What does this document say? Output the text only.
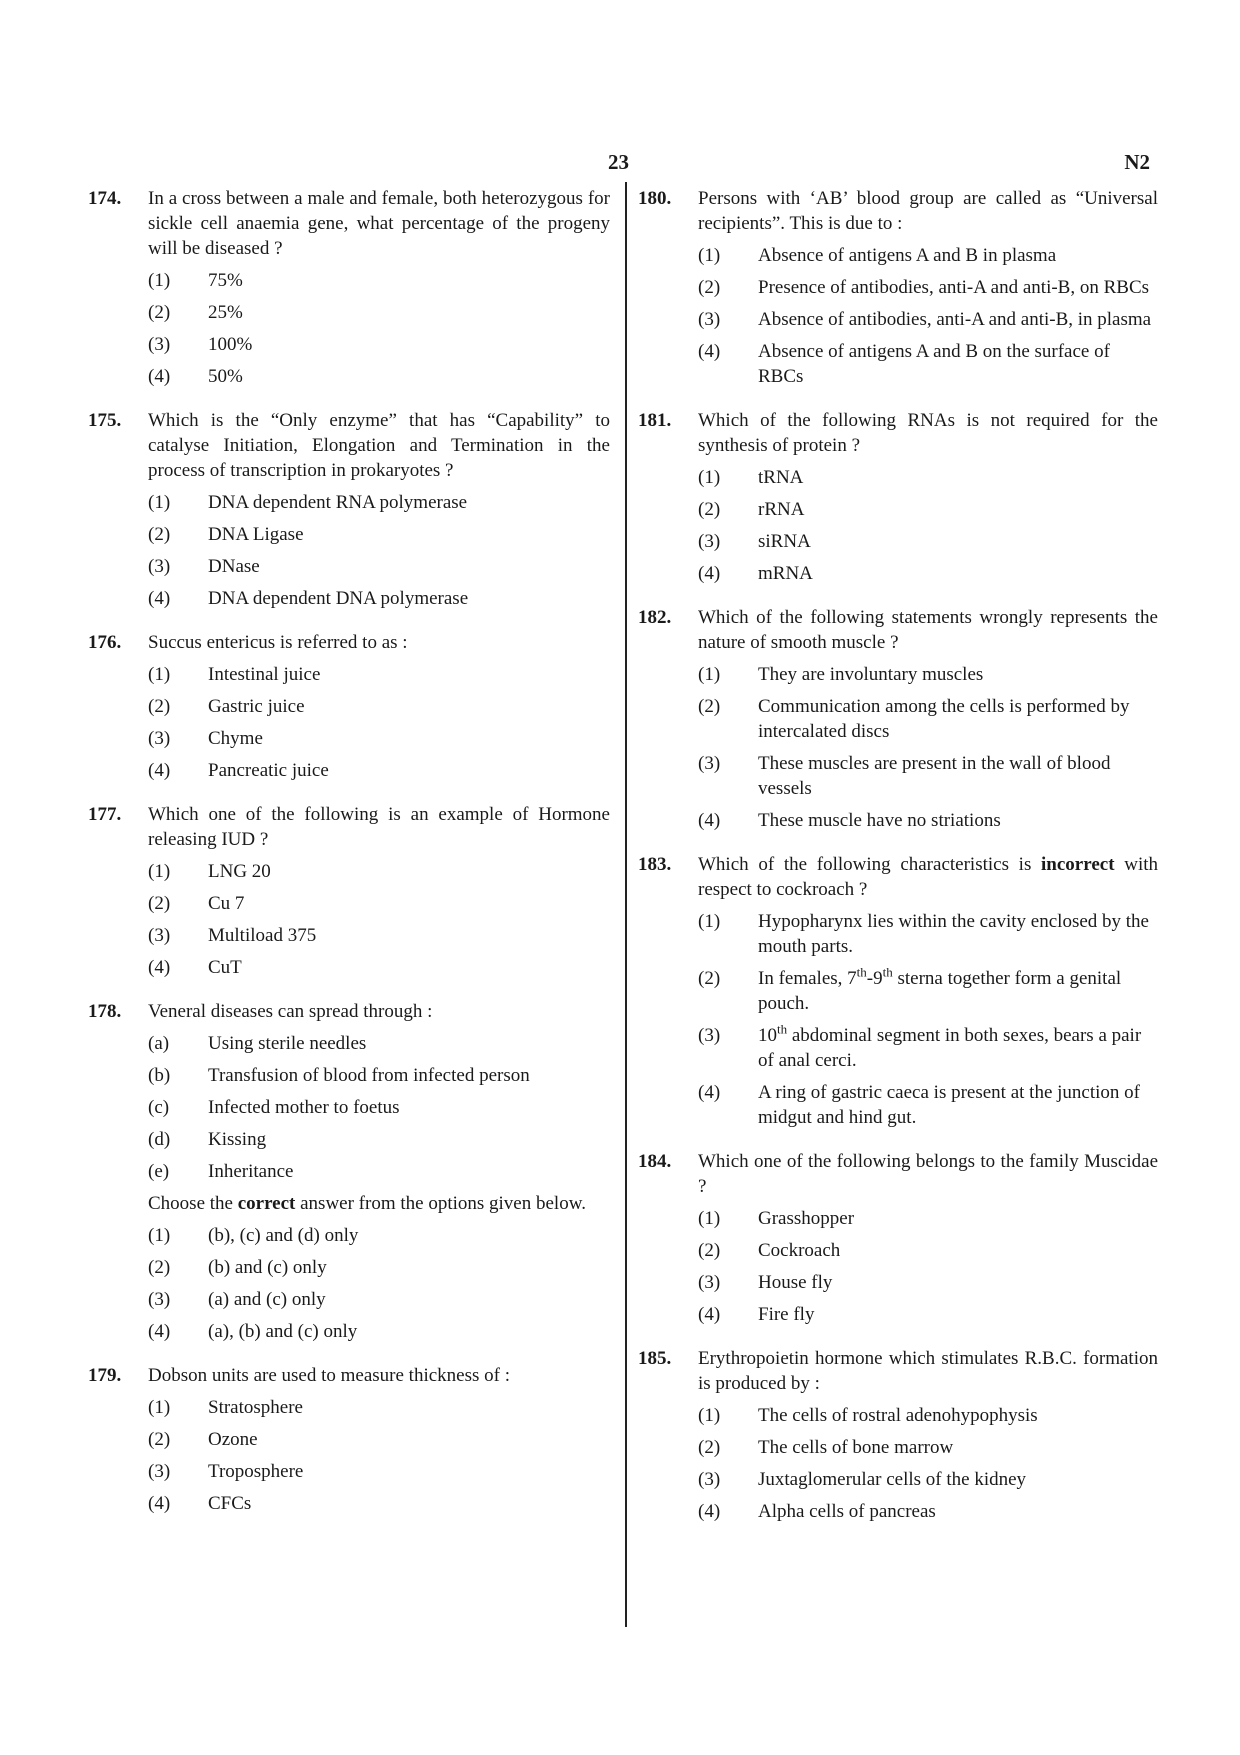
23	N2
174.	In a cross between a male and female, both heterozygous for sickle cell anaemia gene, what percentage of the progeny will be diseased ?
(1)	75%
(2)	25%
(3)	100%
(4)	50%
175.	Which is the “Only enzyme” that has “Capability” to catalyse Initiation, Elongation and Termination in the process of transcription in prokaryotes ?
(1)	DNA dependent RNA polymerase
(2)	DNA Ligase
(3)	DNase
(4)	DNA dependent DNA polymerase
176.	Succus entericus is referred to as :
(1)	Intestinal juice
(2)	Gastric juice
(3)	Chyme
(4)	Pancreatic juice
177.	Which one of the following is an example of Hormone releasing IUD ?
(1)	LNG 20
(2)	Cu 7
(3)	Multiload 375
(4)	CuT
178.	Veneral diseases can spread through :
(a)	Using sterile needles
(b)	Transfusion of blood from infected person
(c)	Infected mother to foetus
(d)	Kissing
(e)	Inheritance
Choose the correct answer from the options given below.
(1)	(b), (c) and (d) only
(2)	(b) and (c) only
(3)	(a) and (c) only
(4)	(a), (b) and (c) only
179.	Dobson units are used to measure thickness of :
(1)	Stratosphere
(2)	Ozone
(3)	Troposphere
(4)	CFCs
180.	Persons with ‘AB’ blood group are called as “Universal recipients”. This is due to :
(1)	Absence of antigens A and B in plasma
(2)	Presence of antibodies, anti-A and anti-B, on RBCs
(3)	Absence of antibodies, anti-A and anti-B, in plasma
(4)	Absence of antigens A and B on the surface of RBCs
181.	Which of the following RNAs is not required for the synthesis of protein ?
(1)	tRNA
(2)	rRNA
(3)	siRNA
(4)	mRNA
182.	Which of the following statements wrongly represents the nature of smooth muscle ?
(1)	They are involuntary muscles
(2)	Communication among the cells is performed by intercalated discs
(3)	These muscles are present in the wall of blood vessels
(4)	These muscle have no striations
183.	Which of the following characteristics is incorrect with respect to cockroach ?
(1)	Hypopharynx lies within the cavity enclosed by the mouth parts.
(2)	In females, 7th-9th sterna together form a genital pouch.
(3)	10th abdominal segment in both sexes, bears a pair of anal cerci.
(4)	A ring of gastric caeca is present at the junction of midgut and hind gut.
184.	Which one of the following belongs to the family Muscidae ?
(1)	Grasshopper
(2)	Cockroach
(3)	House fly
(4)	Fire fly
185.	Erythropoietin hormone which stimulates R.B.C. formation is produced by :
(1)	The cells of rostral adenohypophysis
(2)	The cells of bone marrow
(3)	Juxtaglomerular cells of the kidney
(4)	Alpha cells of pancreas
